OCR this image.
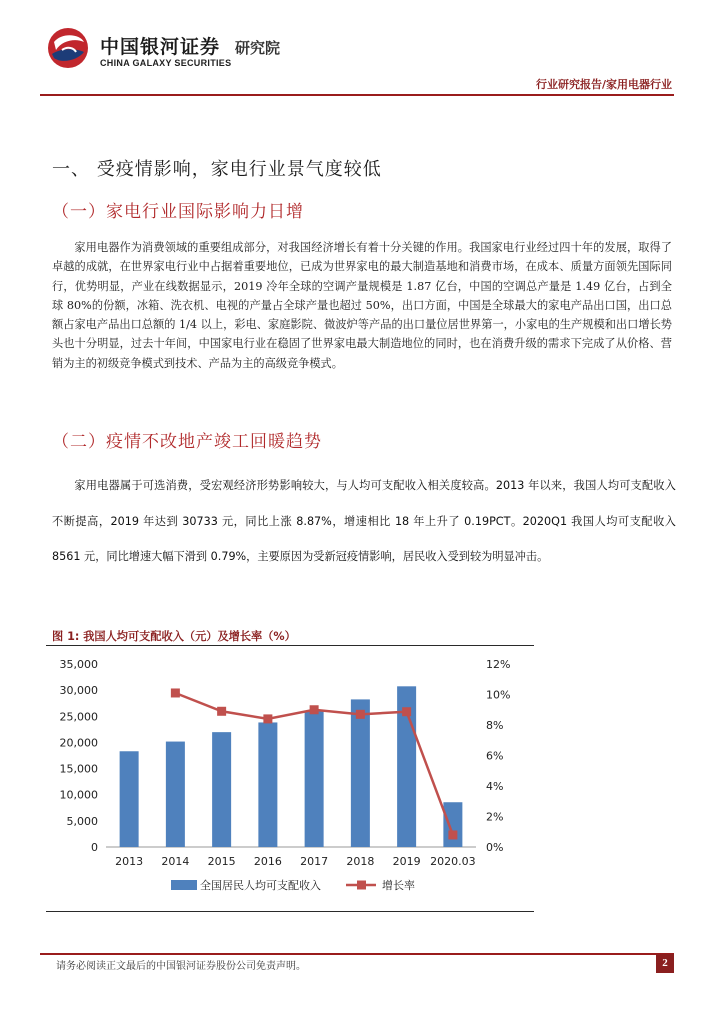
中国银河证券
CHINA GALAXY SECURITIES
研究院
行业研究报告/家用电器行业
一、 受疫情影响，家电行业景气度较低
（一）家电行业国际影响力日增
家用电器作为消费领域的重要组成部分，对我国经济增长有着十分关键的作用。我国家电行业经过四十年的发展，取得了卓越的成就，在世界家电行业中占据着重要地位，已成为世界家电的最大制造基地和消费市场，在成本、质量方面领先国际同行，优势明显，产业在线数据显示，2019 冷年全球的空调产量规模是 1.87 亿台，中国的空调总产量是 1.49 亿台，占到全球 80%的份额，冰箱、洗衣机、电视的产量占全球产量也超过 50%，出口方面，中国是全球最大的家电产品出口国，出口总额占家电产品出口总额的 1/4 以上，彩电、家庭影院、微波炉等产品的出口量位居世界第一，小家电的生产规模和出口增长势头也十分明显，过去十年间，中国家电行业在稳固了世界家电最大制造地位的同时，也在消费升级的需求下完成了从价格、营销为主的初级竞争模式到技术、产品为主的高级竞争模式。
（二）疫情不改地产竣工回暖趋势
家用电器属于可选消费，受宏观经济形势影响较大，与人均可支配收入相关度较高。2013 年以来，我国人均可支配收入不断提高，2019 年达到 30733 元，同比上涨 8.87%，增速相比 18 年上升了 0.19PCT。2020Q1 我国人均可支配收入 8561 元，同比增速大幅下滑到 0.79%，主要原因为受新冠疫情影响，居民收入受到较为明显冲击。
图 1: 我国人均可支配收入（元）及增长率（%）
0
5,000
10,000
15,000
20,000
25,000
30,000
35,000
0%
2%
4%
6%
8%
10%
12%
2013 2014 2015 2016 2017 2018 2019 2020.03
全国居民人均可支配收入	增长率
请务必阅读正文最后的中国银河证券股份公司免责声明。	2
